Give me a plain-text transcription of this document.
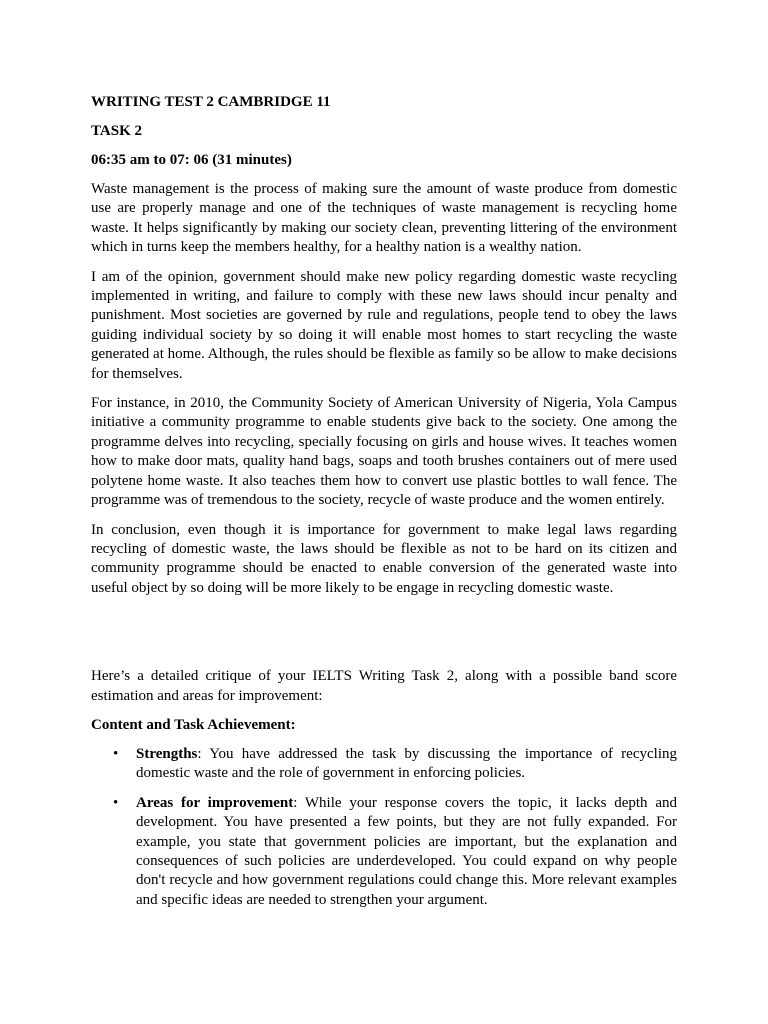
WRITING TEST 2 CAMBRIDGE 11
TASK 2
06:35 am to 07: 06 (31 minutes)
Waste management is the process of making sure the amount of waste produce from domestic use are properly manage and one of the techniques of waste management is recycling home waste. It helps significantly by making our society clean, preventing littering of the environment which in turns keep the members healthy, for a healthy nation is a wealthy nation.
I am of the opinion, government should make new policy regarding domestic waste recycling implemented in writing, and failure to comply with these new laws should incur penalty and punishment. Most societies are governed by rule and regulations, people tend to obey the laws guiding individual society by so doing it will enable most homes to start recycling the waste generated at home. Although, the rules should be flexible as family so be allow to make decisions for themselves.
For instance, in 2010, the Community Society of American University of Nigeria, Yola Campus initiative a community programme to enable students give back to the society. One among the programme delves into recycling, specially focusing on girls and house wives. It teaches women how to make door mats, quality hand bags, soaps and tooth brushes containers out of mere used polytene home waste. It also teaches them how to convert use plastic bottles to wall fence. The programme was of tremendous to the society, recycle of waste produce and the women entirely.
In conclusion, even though it is importance for government to make legal laws regarding recycling of domestic waste, the laws should be flexible as not to be hard on its citizen and community programme should be enacted to enable conversion of the generated waste into useful object by so doing will be more likely to be engage in recycling domestic waste.
Here’s a detailed critique of your IELTS Writing Task 2, along with a possible band score estimation and areas for improvement:
Content and Task Achievement:
• Strengths: You have addressed the task by discussing the importance of recycling domestic waste and the role of government in enforcing policies.
• Areas for improvement: While your response covers the topic, it lacks depth and development. You have presented a few points, but they are not fully expanded. For example, you state that government policies are important, but the explanation and consequences of such policies are underdeveloped. You could expand on why people don't recycle and how government regulations could change this. More relevant examples and specific ideas are needed to strengthen your argument.
